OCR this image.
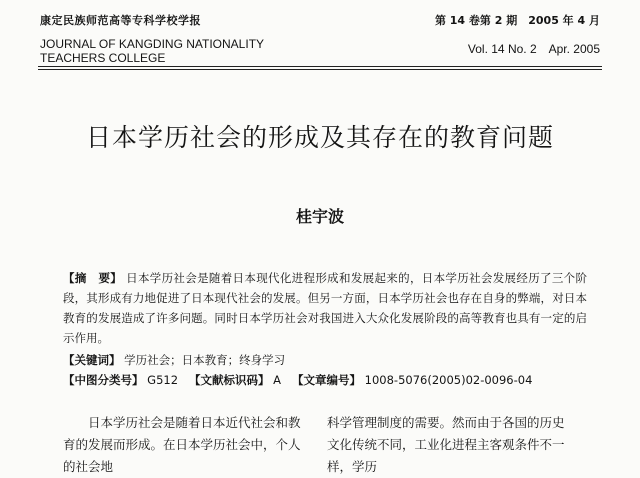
康定民族师范高等专科学校学报
JOURNAL OF KANGDING NATIONALITY
TEACHERS COLLEGE
第 14 卷第 2 期　2005 年 4 月
Vol. 14 No. 2　Apr. 2005
日本学历社会的形成及其存在的教育问题
桂宇波
【摘　要】 日本学历社会是随着日本现代化进程形成和发展起来的，日本学历社会发展经历了三个阶段，其形成有力地促进了日本现代社会的发展。但另一方面，日本学历社会也存在自身的弊端，对日本教育的发展造成了许多问题。同时日本学历社会对我国进入大众化发展阶段的高等教育也具有一定的启示作用。
【关键词】 学历社会；日本教育；终身学习
【中图分类号】 G512 【文献标识码】 A 【文章编号】 1008-5076(2005)02-0096-04
日本学历社会是随着日本近代社会和教育的发展而形成。在日本学历社会中，个人的社会地
科学管理制度的需要。然而由于各国的历史文化传统不同，工业化进程主客观条件不一样，学历
